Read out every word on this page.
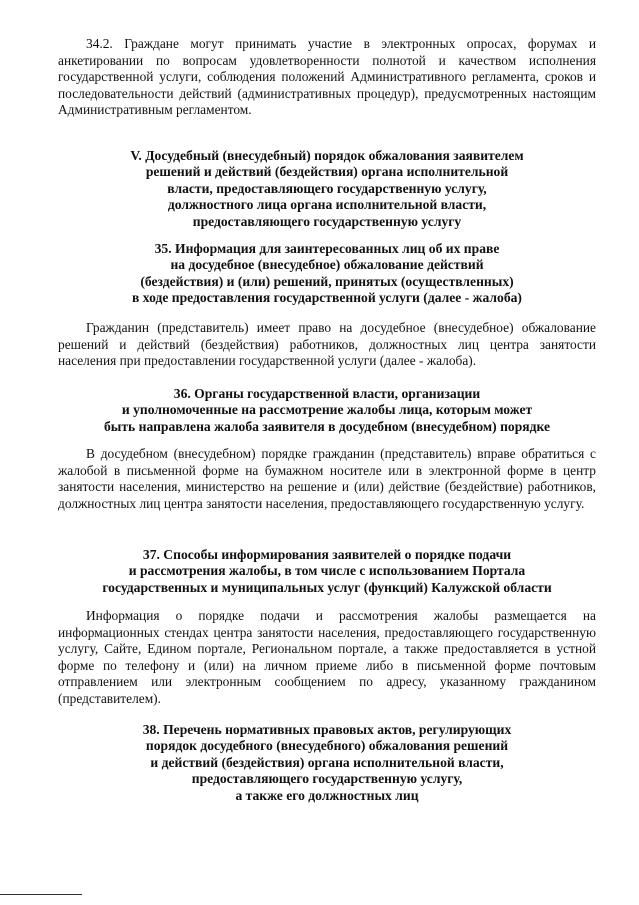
34.2. Граждане могут принимать участие в электронных опросах, форумах и анкетировании по вопросам удовлетворенности полнотой и качеством исполнения государственной услуги, соблюдения положений Административного регламента, сроков и последовательности действий (административных процедур), предусмотренных настоящим Административным регламентом.

V. Досудебный (внесудебный) порядок обжалования заявителем
решений и действий (бездействия) органа исполнительной
власти, предоставляющего государственную услугу,
должностного лица органа исполнительной власти,
предоставляющего государственную услугу
35. Информация для заинтересованных лиц об их праве
на досудебное (внесудебное) обжалование действий
(бездействия) и (или) решений, принятых (осуществленных)
в ходе предоставления государственной услуги (далее - жалоба)

Гражданин (представитель) имеет право на досудебное (внесудебное) обжалование решений и действий (бездействия) работников, должностных лиц центра занятости населения при предоставлении государственной услуги (далее - жалоба).

36. Органы государственной власти, организации
и уполномоченные на рассмотрение жалобы лица, которым может
быть направлена жалоба заявителя в досудебном (внесудебном) порядке

В досудебном (внесудебном) порядке гражданин (представитель) вправе обратиться с жалобой в письменной форме на бумажном носителе или в электронной форме в центр занятости населения, министерство на решение и (или) действие (бездействие) работников, должностных лиц центра занятости населения, предоставляющего государственную услугу.

37. Способы информирования заявителей о порядке подачи
и рассмотрения жалобы, в том числе с использованием Портала
государственных и муниципальных услуг (функций) Калужской области

Информация о порядке подачи и рассмотрения жалобы размещается на информационных стендах центра занятости населения, предоставляющего государственную услугу, Сайте, Едином портале, Региональном портале, а также предоставляется в устной форме по телефону и (или) на личном приеме либо в письменной форме почтовым отправлением или электронным сообщением по адресу, указанному гражданином (представителем).

38. Перечень нормативных правовых актов, регулирующих
порядок досудебного (внесудебного) обжалования решений
и действий (бездействия) органа исполнительной власти,
предоставляющего государственную услугу,
а также его должностных лиц
